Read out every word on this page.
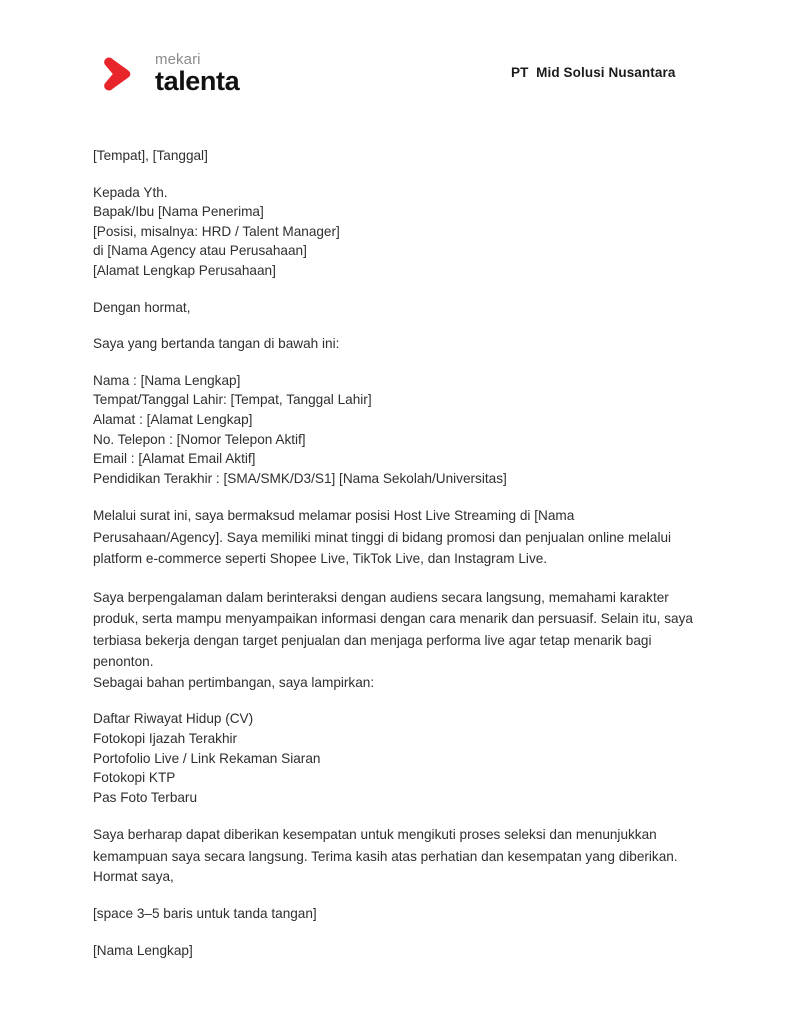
mekari
talenta	PT  Mid Solusi Nusantara
[Tempat], [Tanggal]
Kepada Yth.
Bapak/Ibu [Nama Penerima]
[Posisi, misalnya: HRD / Talent Manager]
di [Nama Agency atau Perusahaan]
[Alamat Lengkap Perusahaan]
Dengan hormat,
Saya yang bertanda tangan di bawah ini:
Nama : [Nama Lengkap]
Tempat/Tanggal Lahir: [Tempat, Tanggal Lahir]
Alamat : [Alamat Lengkap]
No. Telepon : [Nomor Telepon Aktif]
Email : [Alamat Email Aktif]
Pendidikan Terakhir : [SMA/SMK/D3/S1] [Nama Sekolah/Universitas]

Melalui surat ini, saya bermaksud melamar posisi Host Live Streaming di [Nama Perusahaan/Agency]. Saya memiliki minat tinggi di bidang promosi dan penjualan online melalui platform e-commerce seperti Shopee Live, TikTok Live, dan Instagram Live.

Saya berpengalaman dalam berinteraksi dengan audiens secara langsung, memahami karakter produk, serta mampu menyampaikan informasi dengan cara menarik dan persuasif. Selain itu, saya terbiasa bekerja dengan target penjualan dan menjaga performa live agar tetap menarik bagi penonton.

Sebagai bahan pertimbangan, saya lampirkan:
Daftar Riwayat Hidup (CV)
Fotokopi Ijazah Terakhir
Portofolio Live / Link Rekaman Siaran
Fotokopi KTP
Pas Foto Terbaru

Saya berharap dapat diberikan kesempatan untuk mengikuti proses seleksi dan menunjukkan kemampuan saya secara langsung. Terima kasih atas perhatian dan kesempatan yang diberikan.

Hormat saya,
[space 3–5 baris untuk tanda tangan]
[Nama Lengkap]
